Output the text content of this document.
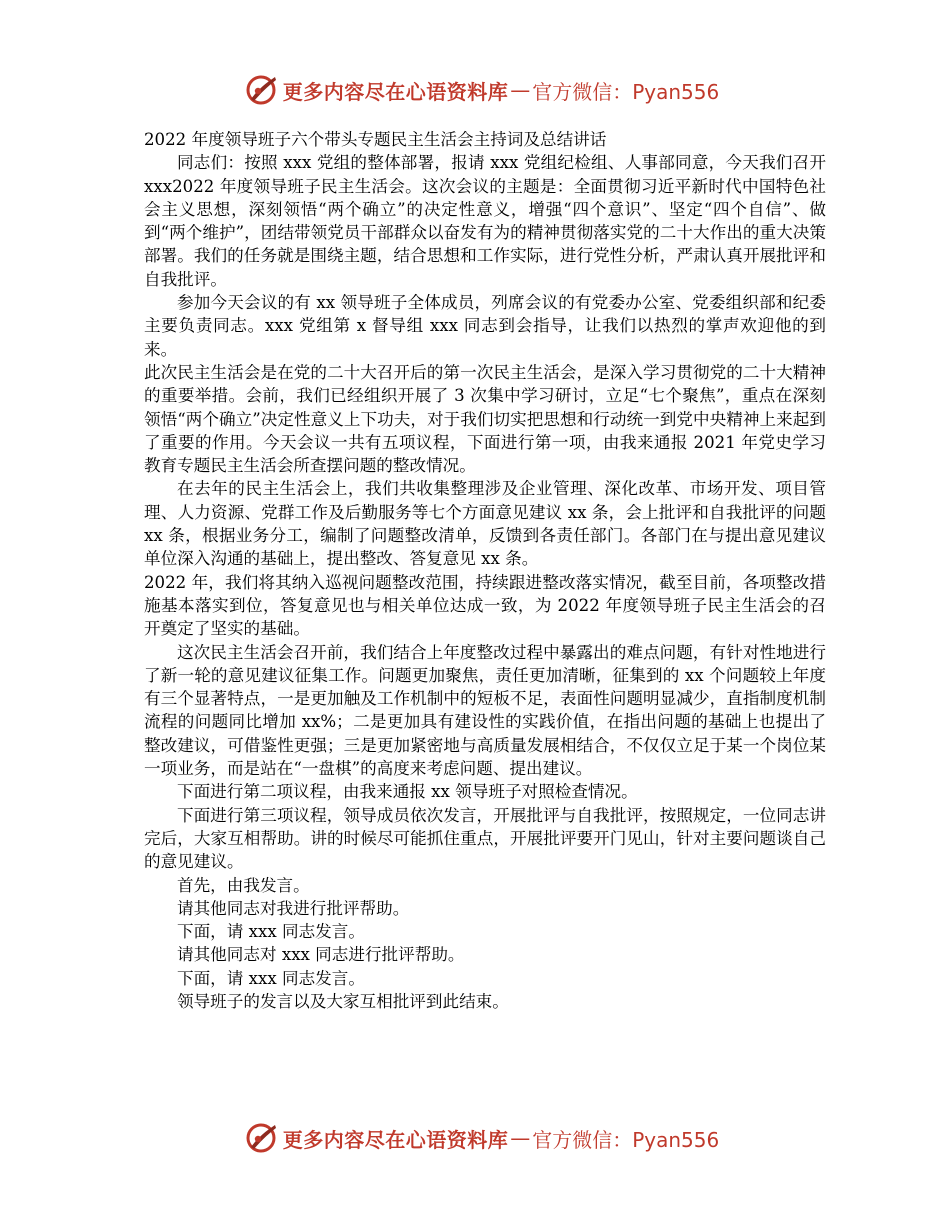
更多内容尽在心语资料库 — 官方微信：Pyan556
2022 年度领导班子六个带头专题民主生活会主持词及总结讲话

同志们：按照 xxx 党组的整体部署，报请 xxx 党组纪检组、人事部同意，今天我们召开 xxx2022 年度领导班子民主生活会。这次会议的主题是：全面贯彻习近平新时代中国特色社会主义思想，深刻领悟“两个确立”的决定性意义，增强“四个意识”、坚定“四个自信”、做到“两个维护”，团结带领党员干部群众以奋发有为的精神贯彻落实党的二十大作出的重大决策部署。我们的任务就是围绕主题，结合思想和工作实际，进行党性分析，严肃认真开展批评和自我批评。

参加今天会议的有 xx 领导班子全体成员，列席会议的有党委办公室、党委组织部和纪委主要负责同志。xxx 党组第 x 督导组 xxx 同志到会指导，让我们以热烈的掌声欢迎他的到来。

此次民主生活会是在党的二十大召开后的第一次民主生活会，是深入学习贯彻党的二十大精神的重要举措。会前，我们已经组织开展了 3 次集中学习研讨，立足“七个聚焦”，重点在深刻领悟“两个确立”决定性意义上下功夫，对于我们切实把思想和行动统一到党中央精神上来起到了重要的作用。今天会议一共有五项议程，下面进行第一项，由我来通报 2021 年党史学习教育专题民主生活会所查摆问题的整改情况。

在去年的民主生活会上，我们共收集整理涉及企业管理、深化改革、市场开发、项目管理、人力资源、党群工作及后勤服务等七个方面意见建议 xx 条，会上批评和自我批评的问题 xx 条，根据业务分工，编制了问题整改清单，反馈到各责任部门。各部门在与提出意见建议单位深入沟通的基础上，提出整改、答复意见 xx 条。

2022 年，我们将其纳入巡视问题整改范围，持续跟进整改落实情况，截至目前，各项整改措施基本落实到位，答复意见也与相关单位达成一致，为 2022 年度领导班子民主生活会的召开奠定了坚实的基础。

这次民主生活会召开前，我们结合上年度整改过程中暴露出的难点问题，有针对性地进行了新一轮的意见建议征集工作。问题更加聚焦，责任更加清晰，征集到的 xx 个问题较上年度有三个显著特点，一是更加触及工作机制中的短板不足，表面性问题明显减少，直指制度机制流程的问题同比增加 xx%；二是更加具有建设性的实践价值，在指出问题的基础上也提出了整改建议，可借鉴性更强；三是更加紧密地与高质量发展相结合，不仅仅立足于某一个岗位某一项业务，而是站在“一盘棋”的高度来考虑问题、提出建议。

下面进行第二项议程，由我来通报 xx 领导班子对照检查情况。

下面进行第三项议程，领导成员依次发言，开展批评与自我批评，按照规定，一位同志讲完后，大家互相帮助。讲的时候尽可能抓住重点，开展批评要开门见山，针对主要问题谈自己的意见建议。

首先，由我发言。

请其他同志对我进行批评帮助。

下面，请 xxx 同志发言。

请其他同志对 xxx 同志进行批评帮助。

下面，请 xxx 同志发言。

领导班子的发言以及大家互相批评到此结束。

更多内容尽在心语资料库 — 官方微信：Pyan556
